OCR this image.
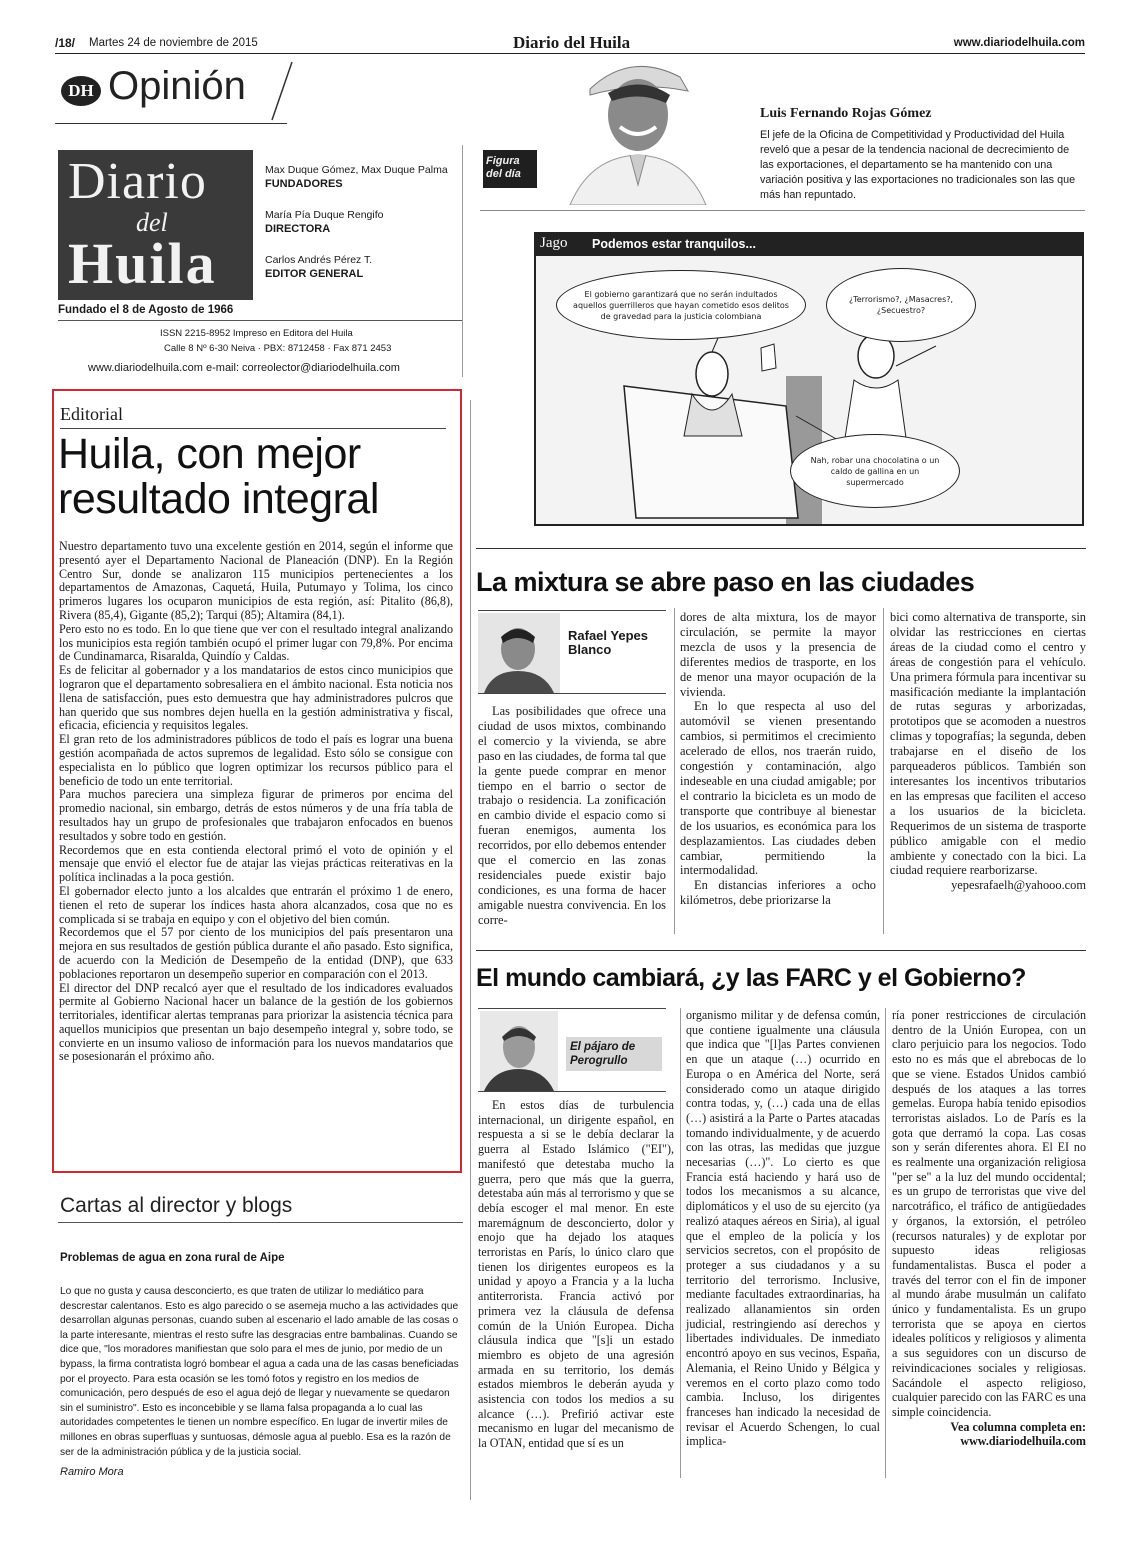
/18/ Martes 24 de noviembre de 2015	Diario del Huila	www.diariodelhuila.com
DH Opinión
Diario
del
Huila
Max Duque Gómez, Max Duque Palma
FUNDADORES
María Pía Duque Rengifo
DIRECTORA
Carlos Andrés Pérez T.
EDITOR GENERAL
Fundado el 8 de Agosto de 1966
ISSN 2215-8952 Impreso en Editora del Huila
Calle 8 Nº 6-30 Neiva · PBX: 8712458 · Fax 871 2453
www.diariodelhuila.com e-mail: correolector@diariodelhuila.com
Figura del día
Luis Fernando Rojas Gómez
El jefe de la Oficina de Competitividad y Productividad del Huila reveló que a pesar de la tendencia nacional de decrecimiento de las exportaciones, el departamento se ha mantenido con una variación positiva y las exportaciones no tradicionales son las que más han repuntado.
Jago Podemos estar tranquilos...
El gobierno garantizará que no serán indultados aquellos guerrilleros que hayan cometido esos delitos de gravedad para la justicia colombiana
¿Terrorismo?, ¿Masacres?, ¿Secuestro?
Nah, robar una chocolatina o un caldo de gallina en un supermercado
Editorial
Huila, con mejor resultado integral

Nuestro departamento tuvo una excelente gestión en 2014, según el informe que presentó ayer el Departamento Nacional de Planeación (DNP). En la Región Centro Sur, donde se analizaron 115 municipios pertenecientes a los departamentos de Amazonas, Caquetá, Huila, Putumayo y Tolima, los cinco primeros lugares los ocuparon municipios de esta región, así: Pitalito (86,8), Rivera (85,4), Gigante (85,2); Tarqui (85); Altamira (84,1).

Pero esto no es todo. En lo que tiene que ver con el resultado integral analizando los municipios esta región también ocupó el primer lugar con 79,8%. Por encima de Cundinamarca, Risaralda, Quindío y Caldas.

Es de felicitar al gobernador y a los mandatarios de estos cinco municipios que lograron que el departamento sobresaliera en el ámbito nacional. Esta noticia nos llena de satisfacción, pues esto demuestra que hay administradores pulcros que han querido que sus nombres dejen huella en la gestión administrativa y fiscal, eficacia, eficiencia y requisitos legales.

El gran reto de los administradores públicos de todo el país es lograr una buena gestión acompañada de actos supremos de legalidad. Esto sólo se consigue con especialista en lo público que logren optimizar los recursos público para el beneficio de todo un ente territorial.

Para muchos pareciera una simpleza figurar de primeros por encima del promedio nacional, sin embargo, detrás de estos números y de una fría tabla de resultados hay un grupo de profesionales que trabajaron enfocados en buenos resultados y sobre todo en gestión.

Recordemos que en esta contienda electoral primó el voto de opinión y el mensaje que envió el elector fue de atajar las viejas prácticas reiterativas en la política inclinadas a la poca gestión.

El gobernador electo junto a los alcaldes que entrarán el próximo 1 de enero, tienen el reto de superar los índices hasta ahora alcanzados, cosa que no es complicada si se trabaja en equipo y con el objetivo del bien común.

Recordemos que el 57 por ciento de los municipios del país presentaron una mejora en sus resultados de gestión pública durante el año pasado. Esto significa, de acuerdo con la Medición de Desempeño de la entidad (DNP), que 633 poblaciones reportaron un desempeño superior en comparación con el 2013.

El director del DNP recalcó ayer que el resultado de los indicadores evaluados permite al Gobierno Nacional hacer un balance de la gestión de los gobiernos territoriales, identificar alertas tempranas para priorizar la asistencia técnica para aquellos municipios que presentan un bajo desempeño integral y, sobre todo, se convierte en un insumo valioso de información para los nuevos mandatarios que se posesionarán el próximo año.

Cartas al director y blogs
Problemas de agua en zona rural de Aipe
Lo que no gusta y causa desconcierto, es que traten de utilizar lo mediático para descrestar calentanos. Esto es algo parecido o se asemeja mucho a las actividades que desarrollan algunas personas, cuando suben al escenario el lado amable de las cosas o la parte interesante, mientras el resto sufre las desgracias entre bambalinas. Cuando se dice que, "los moradores manifiestan que solo para el mes de junio, por medio de un bypass, la firma contratista logró bombear el agua a cada una de las casas beneficiadas por el proyecto. Para esta ocasión se les tomó fotos y registro en los medios de comunicación, pero después de eso el agua dejó de llegar y nuevamente se quedaron sin el suministro". Esto es inconcebible y se llama falsa propaganda a lo cual las autoridades competentes le tienen un nombre específico. En lugar de invertir miles de millones en obras superfluas y suntuosas, démosle agua al pueblo. Esa es la razón de ser de la administración pública y de la justicia social.
Ramiro Mora
La mixtura se abre paso en las ciudades
Rafael Yepes Blanco

Las posibilidades que ofrece una ciudad de usos mixtos, combinando el comercio y la vivienda, se abre paso en las ciudades, de forma tal que la gente puede comprar en menor tiempo en el barrio o sector de trabajo o residencia. La zonificación en cambio divide el espacio como si fueran enemigos, aumenta los recorridos, por ello debemos entender que el comercio en las zonas residenciales puede existir bajo condiciones, es una forma de hacer amigable nuestra convivencia. En los corre-

dores de alta mixtura, los de mayor circulación, se permite la mayor mezcla de usos y la presencia de diferentes medios de trasporte, en los de menor una mayor ocupación de la vivienda.

En lo que respecta al uso del automóvil se vienen presentando cambios, si permitimos el crecimiento acelerado de ellos, nos traerán ruido, congestión y contaminación, algo indeseable en una ciudad amigable; por el contrario la bicicleta es un modo de transporte que contribuye al bienestar de los usuarios, es económica para los desplazamientos. Las ciudades deben cambiar, permitiendo la intermodalidad.

En distancias inferiores a ocho kilómetros, debe priorizarse la

bici como alternativa de transporte, sin olvidar las restricciones en ciertas áreas de la ciudad como el centro y áreas de congestión para el vehículo. Una primera fórmula para incentivar su masificación mediante la implantación de rutas seguras y arborizadas, prototipos que se acomoden a nuestros climas y topografías; la segunda, deben trabajarse en el diseño de los parqueaderos públicos. También son interesantes los incentivos tributarios en las empresas que faciliten el acceso a los usuarios de la bicicleta. Requerimos de un sistema de trasporte público amigable con el medio ambiente y conectado con la bici. La ciudad requiere rearborizarse.

yepesrafaelh@yahooo.com

El mundo cambiará, ¿y las FARC y el Gobierno?
El pájaro de Perogrullo

En estos días de turbulencia internacional, un dirigente español, en respuesta a si se le debía declarar la guerra al Estado Islámico ("EI"), manifestó que detestaba mucho la guerra, pero que más que la guerra, detestaba aún más al terrorismo y que se debía escoger el mal menor. En este maremágnum de desconcierto, dolor y enojo que ha dejado los ataques terroristas en París, lo único claro que tienen los dirigentes europeos es la unidad y apoyo a Francia y a la lucha antiterrorista. Francia activó por primera vez la cláusula de defensa común de la Unión Europea. Dicha cláusula indica que "[s]i un estado miembro es objeto de una agresión armada en su territorio, los demás estados miembros le deberán ayuda y asistencia con todos los medios a su alcance (…). Prefirió activar este mecanismo en lugar del mecanismo de la OTAN, entidad que sí es un

organismo militar y de defensa común, que contiene igualmente una cláusula que indica que "[l]as Partes convienen en que un ataque (…) ocurrido en Europa o en América del Norte, será considerado como un ataque dirigido contra todas, y, (…) cada una de ellas (…) asistirá a la Parte o Partes atacadas tomando individualmente, y de acuerdo con las otras, las medidas que juzgue necesarias (…)". Lo cierto es que Francia está haciendo y hará uso de todos los mecanismos a su alcance, diplomáticos y el uso de su ejercito (ya realizó ataques aéreos en Siria), al igual que el empleo de la policía y los servicios secretos, con el propósito de proteger a sus ciudadanos y a su territorio del terrorismo. Inclusive, mediante facultades extraordinarias, ha realizado allanamientos sin orden judicial, restringiendo así derechos y libertades individuales. De inmediato encontró apoyo en sus vecinos, España, Alemania, el Reino Unido y Bélgica y veremos en el corto plazo como todo cambia. Incluso, los dirigentes franceses han indicado la necesidad de revisar el Acuerdo Schengen, lo cual implica-

ría poner restricciones de circulación dentro de la Unión Europea, con un claro perjuicio para los negocios. Todo esto no es más que el abrebocas de lo que se viene. Estados Unidos cambió después de los ataques a las torres gemelas. Europa había tenido episodios terroristas aislados. Lo de París es la gota que derramó la copa. Las cosas son y serán diferentes ahora. El EI no es realmente una organización religiosa "per se" a la luz del mundo occidental; es un grupo de terroristas que vive del narcotráfico, el tráfico de antigüedades y órganos, la extorsión, el petróleo (recursos naturales) y de explotar por supuesto ideas religiosas fundamentalistas. Busca el poder a través del terror con el fin de imponer al mundo árabe musulmán un califato único y fundamentalista. Es un grupo terrorista que se apoya en ciertos ideales políticos y religiosos y alimenta a sus seguidores con un discurso de reivindicaciones sociales y religiosas. Sacándole el aspecto religioso, cualquier parecido con las FARC es una simple coincidencia.

Vea columna completa en:

www.diariodelhuila.com
